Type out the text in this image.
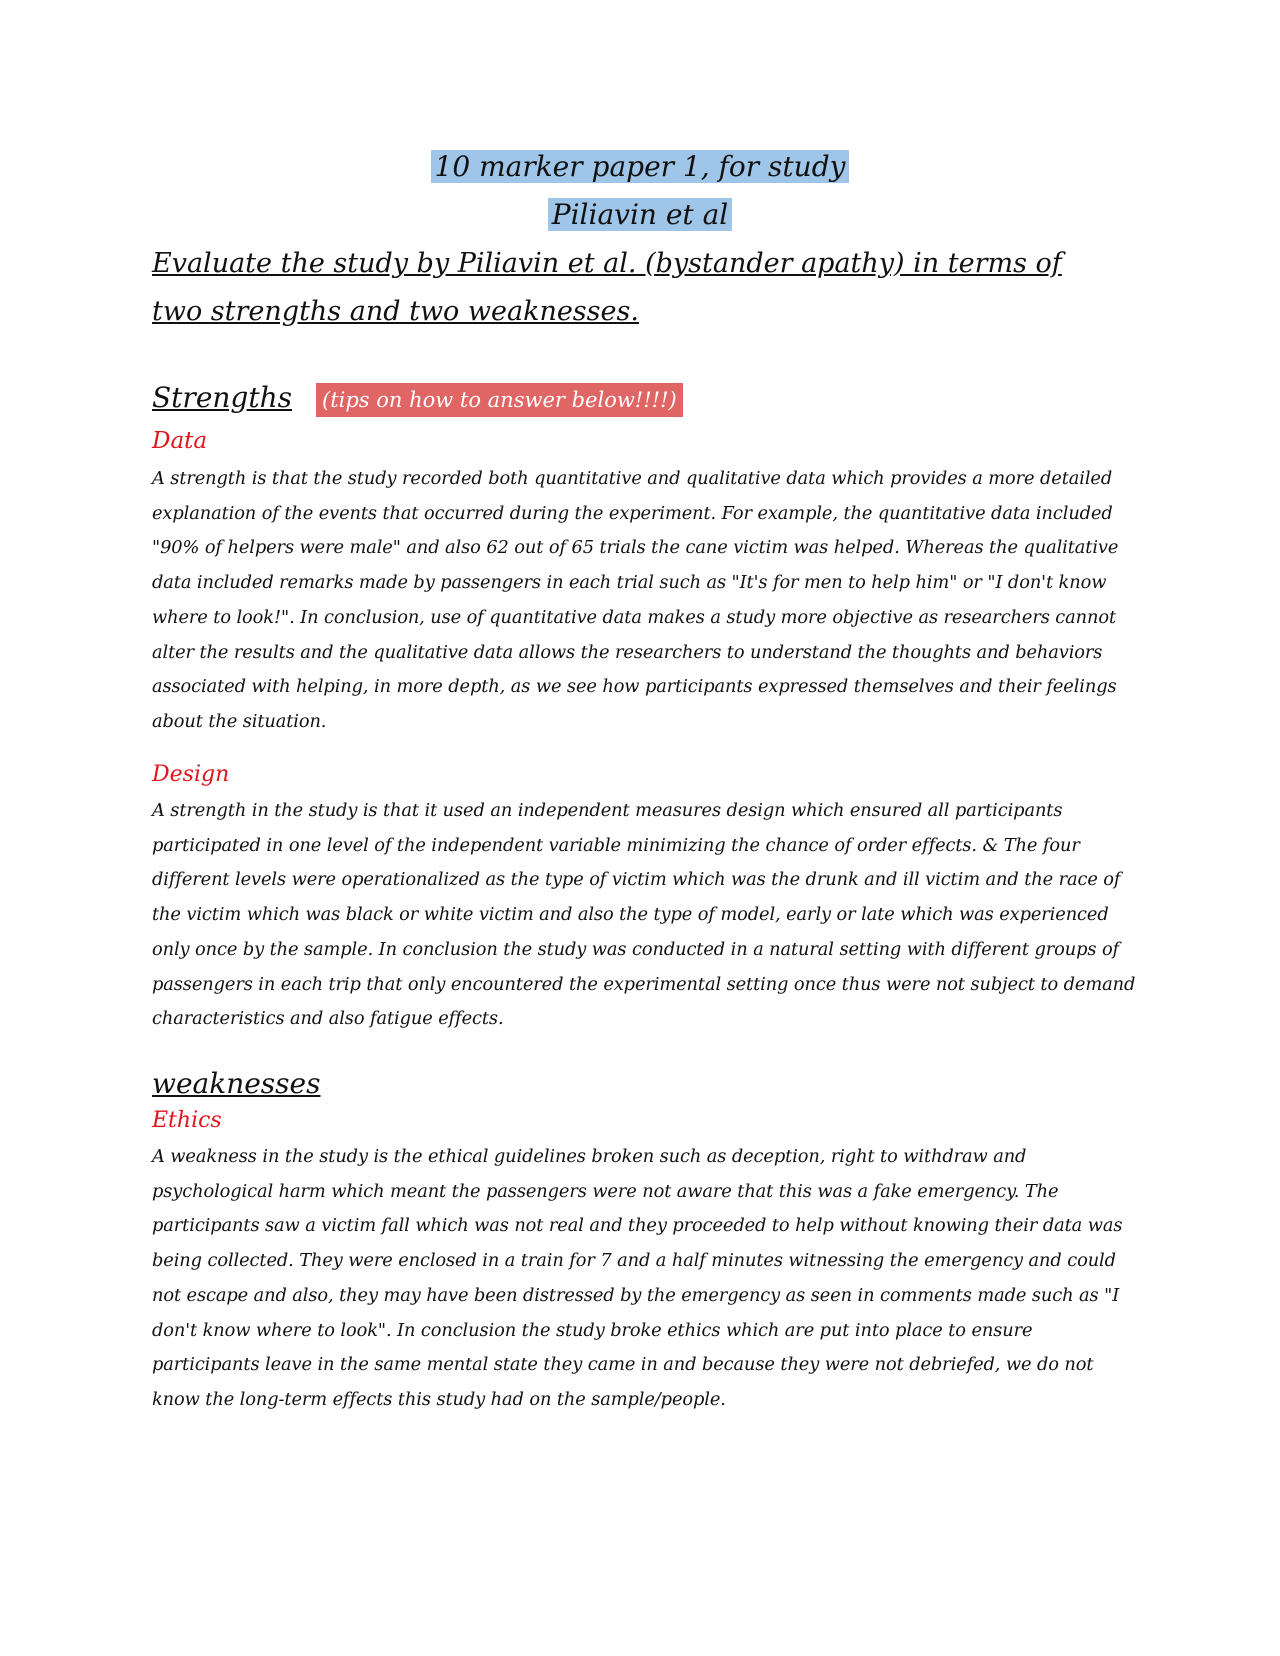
10 marker paper 1, for study
Piliavin et al
Evaluate the study by Piliavin et al. (bystander apathy) in terms of two strengths and two weaknesses.
Strengths (tips on how to answer below!!!!)
Data
A strength is that the study recorded both quantitative and qualitative data which provides a more detailed explanation of the events that occurred during the experiment. For example, the quantitative data included "90% of helpers were male" and also 62 out of 65 trials the cane victim was helped. Whereas the qualitative data included remarks made by passengers in each trial such as "It's for men to help him" or "I don't know where to look!". In conclusion, use of quantitative data makes a study more objective as researchers cannot alter the results and the qualitative data allows the researchers to understand the thoughts and behaviors associated with helping, in more depth, as we see how participants expressed themselves and their feelings about the situation.
Design
A strength in the study is that it used an independent measures design which ensured all participants participated in one level of the independent variable minimizing the chance of order effects. & The four different levels were operationalized as the type of victim which was the drunk and ill victim and the race of the victim which was black or white victim and also the type of model, early or late which was experienced only once by the sample. In conclusion the study was conducted in a natural setting with different groups of passengers in each trip that only encountered the experimental setting once thus were not subject to demand characteristics and also fatigue effects.
weaknesses
Ethics
A weakness in the study is the ethical guidelines broken such as deception, right to withdraw and psychological harm which meant the passengers were not aware that this was a fake emergency. The participants saw a victim fall which was not real and they proceeded to help without knowing their data was being collected. They were enclosed in a train for 7 and a half minutes witnessing the emergency and could not escape and also, they may have been distressed by the emergency as seen in comments made such as "I don't know where to look". In conclusion the study broke ethics which are put into place to ensure participants leave in the same mental state they came in and because they were not debriefed, we do not know the long-term effects this study had on the sample/people.
